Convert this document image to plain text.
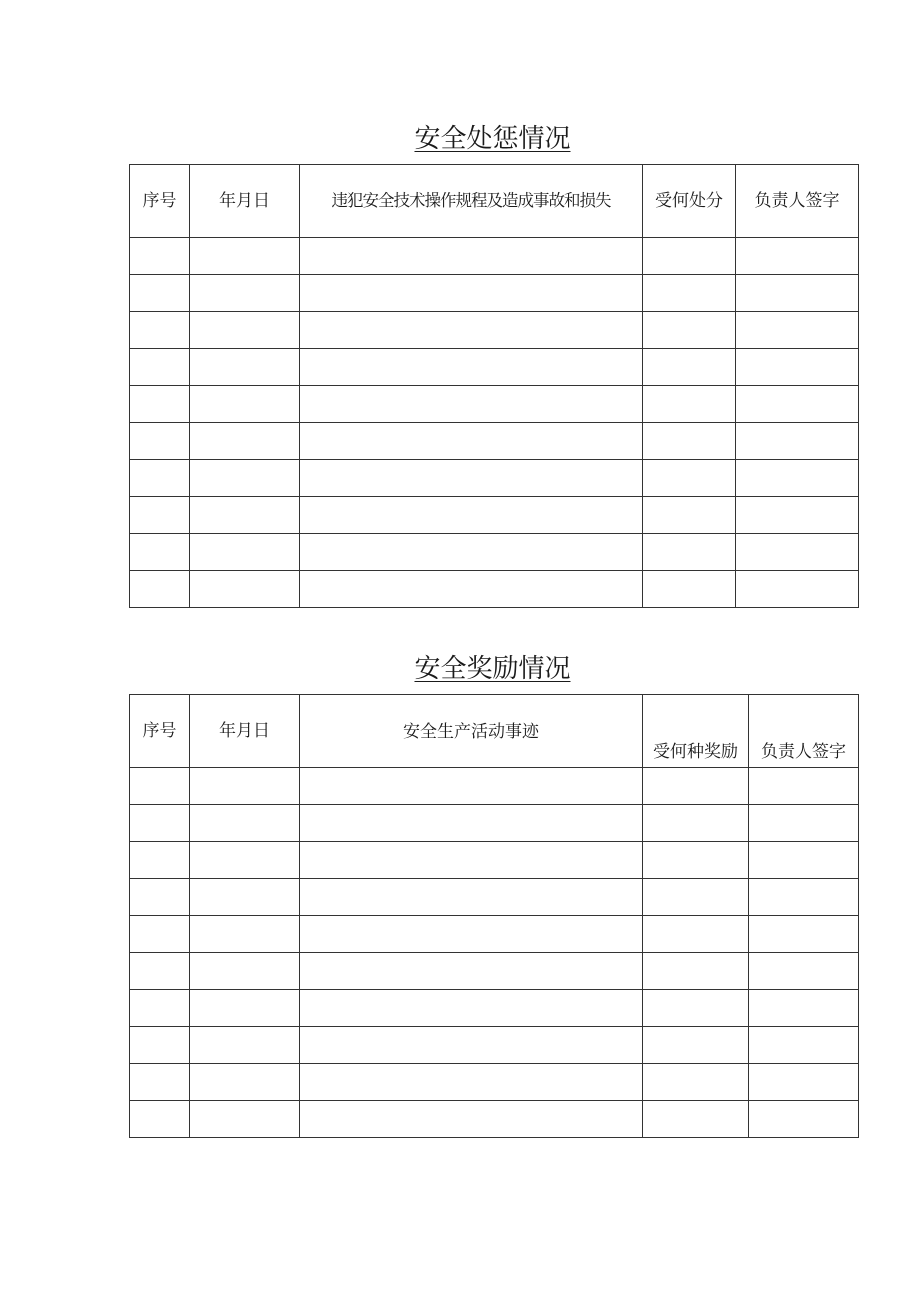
安全处惩情况
序号	年月日	违犯安全技术操作规程及造成事故和损失	受何处分	负责人签字

安全奖励情况
序号	年月日	安全生产活动事迹	受何种奖励	负责人签字
